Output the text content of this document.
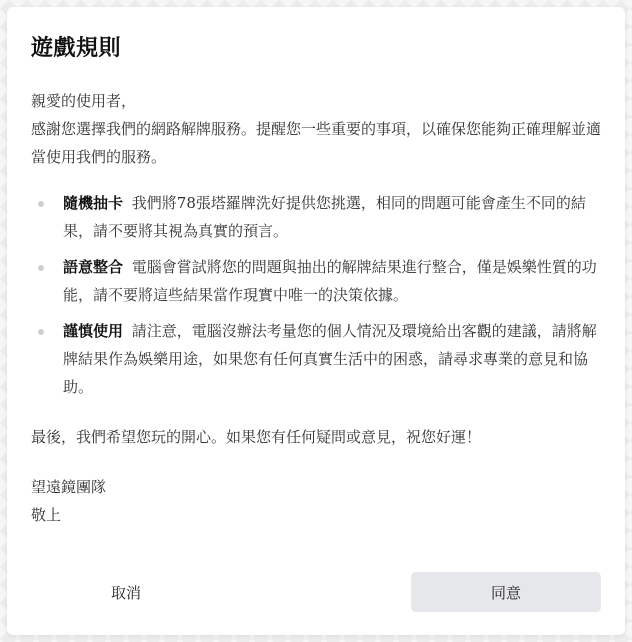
遊戲規則

親愛的使用者，

感謝您選擇我們的網路解牌服務。提醒您一些重要的事項，以確保您能夠正確理解並適當使用我們的服務。

隨機抽卡 我們將78張塔羅牌洗好提供您挑選，相同的問題可能會產生不同的結果，請不要將其視為真實的預言。
語意整合 電腦會嘗試將您的問題與抽出的解牌結果進行整合，僅是娛樂性質的功能，請不要將這些結果當作現實中唯一的決策依據。
謹慎使用 請注意，電腦沒辦法考量您的個人情況及環境給出客觀的建議，請將解牌結果作為娛樂用途，如果您有任何真實生活中的困惑，請尋求專業的意見和協助。

最後，我們希望您玩的開心。如果您有任何疑問或意見，祝您好運！

望遠鏡團隊

敬上

取消	同意
